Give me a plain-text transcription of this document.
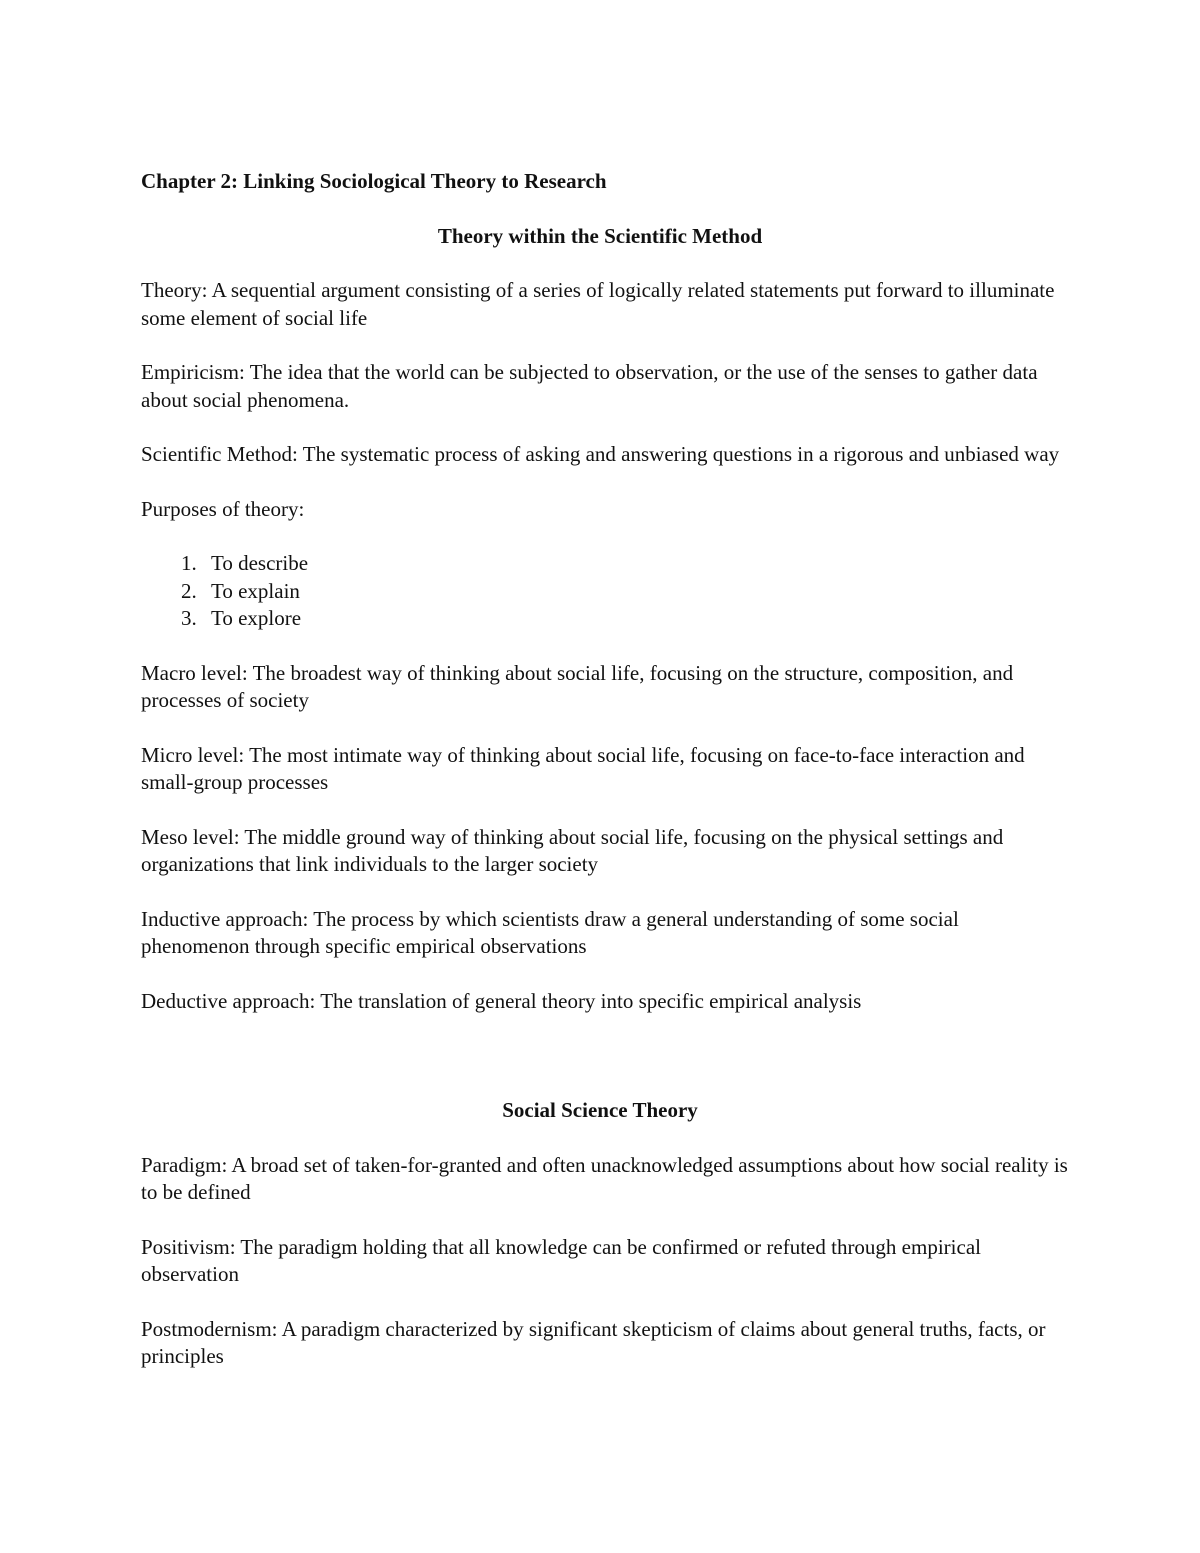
Chapter 2: Linking Sociological Theory to Research

Theory within the Scientific Method

Theory: A sequential argument consisting of a series of logically related statements put forward to illuminate some element of social life

Empiricism: The idea that the world can be subjected to observation, or the use of the senses to gather data about social phenomena.

Scientific Method: The systematic process of asking and answering questions in a rigorous and unbiased way

Purposes of theory:

1. To describe
2. To explain
3. To explore

Macro level: The broadest way of thinking about social life, focusing on the structure, composition, and processes of society

Micro level: The most intimate way of thinking about social life, focusing on face-to-face interaction and small-group processes

Meso level: The middle ground way of thinking about social life, focusing on the physical settings and organizations that link individuals to the larger society

Inductive approach: The process by which scientists draw a general understanding of some social phenomenon through specific empirical observations

Deductive approach: The translation of general theory into specific empirical analysis

Social Science Theory

Paradigm: A broad set of taken-for-granted and often unacknowledged assumptions about how social reality is to be defined

Positivism: The paradigm holding that all knowledge can be confirmed or refuted through empirical observation

Postmodernism: A paradigm characterized by significant skepticism of claims about general truths, facts, or principles
